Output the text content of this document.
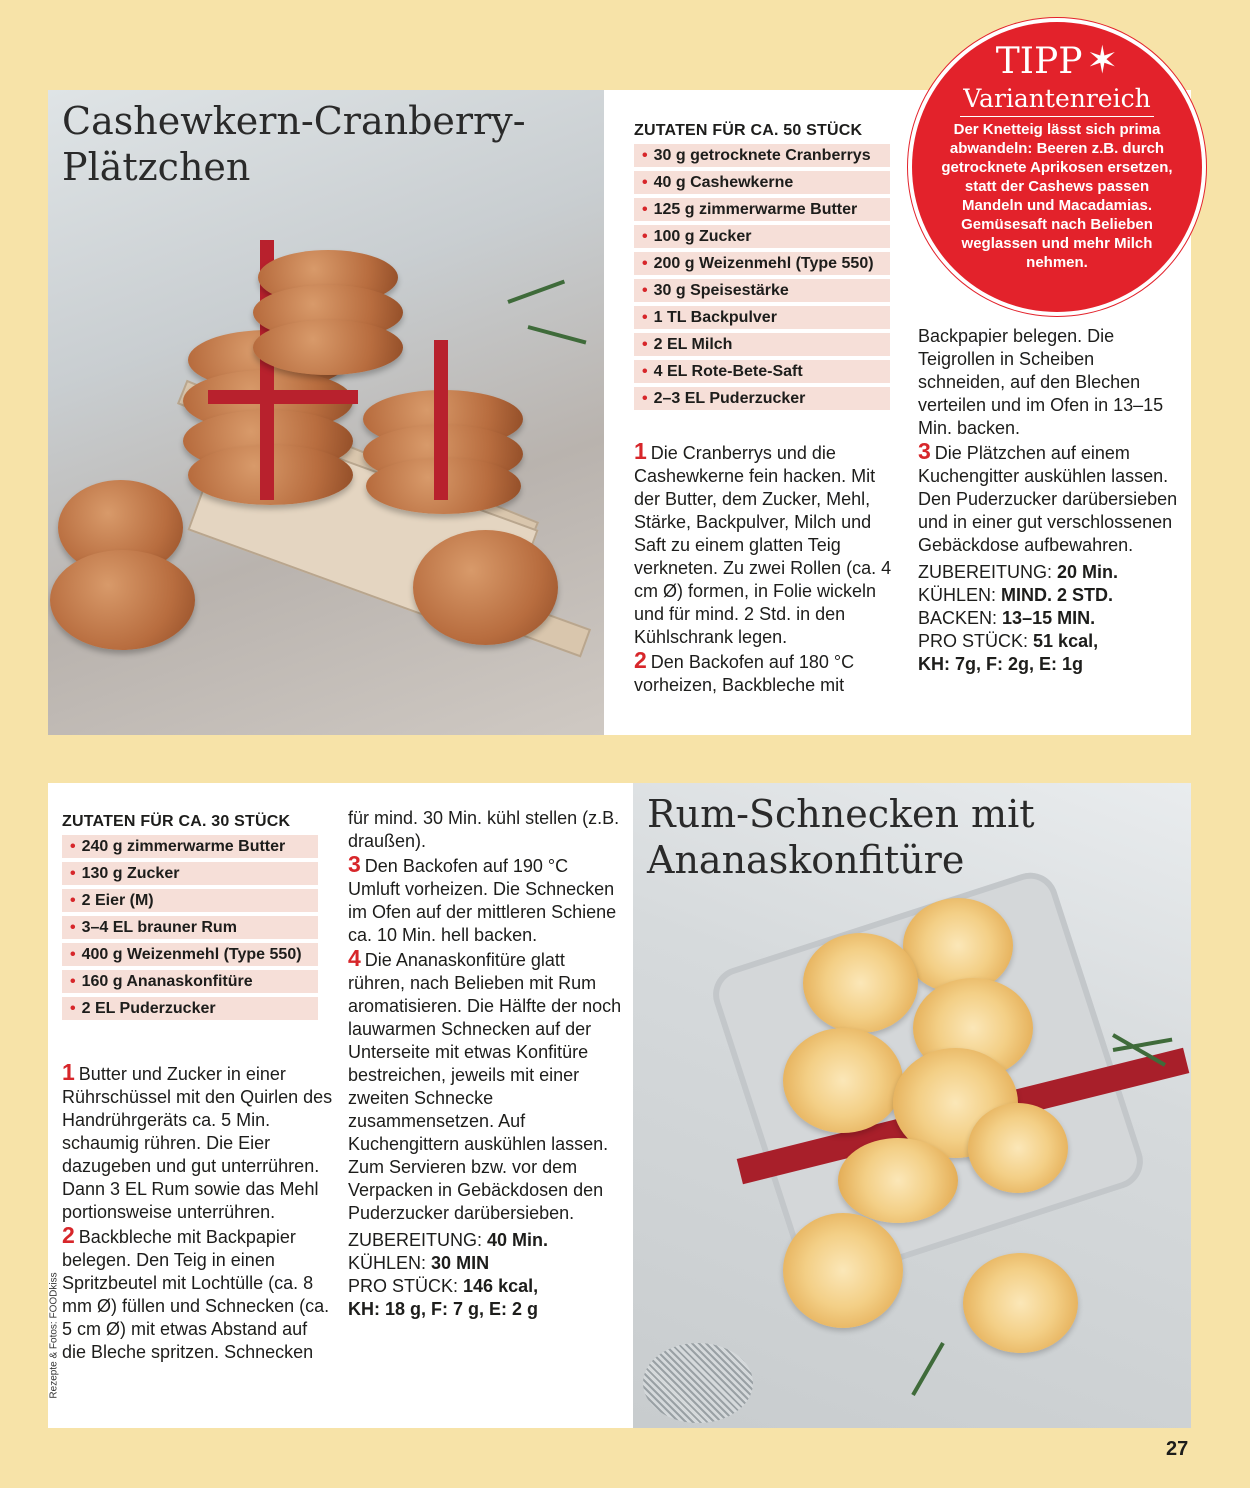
Cashewkern-Cranberry-
Plätzchen
ZUTATEN FÜR CA. 50 STÜCK
• 30 g getrocknete Cranberrys
• 40 g Cashewkerne
• 125 g zimmerwarme Butter
• 100 g Zucker
• 200 g Weizenmehl (Type 550)
• 30 g Speisestärke
• 1 TL Backpulver
• 2 EL Milch
• 4 EL Rote-Bete-Saft
• 2–3 EL Puderzucker

1 Die Cranberrys und die Cashewkerne fein hacken. Mit der Butter, dem Zucker, Mehl, Stärke, Backpulver, Milch und Saft zu einem glatten Teig verkneten. Zu zwei Rollen (ca. 4 cm Ø) formen, in Folie wickeln und für mind. 2 Std. in den Kühlschrank legen.

2 Den Backofen auf 180 °C vorheizen, Backbleche mit

Backpapier belegen. Die Teigrollen in Scheiben schneiden, auf den Blechen verteilen und im Ofen in 13–15 Min. backen.

3 Die Plätzchen auf einem Kuchengitter auskühlen lassen. Den Puderzucker darübersieben und in einer gut verschlossenen Gebäckdose aufbewahren.

ZUBEREITUNG: 20 Min.
KÜHLEN: MIND. 2 STD.
BACKEN: 13–15 MIN.
PRO STÜCK: 51 kcal,
KH: 7g, F: 2g, E: 1g
TIPP ✶
Variantenreich
Der Knetteig lässt sich prima abwandeln: Beeren z.B. durch getrocknete Aprikosen ersetzen, statt der Cashews passen Mandeln und Macadamias. Gemüsesaft nach Belieben weglassen und mehr Milch nehmen.
ZUTATEN FÜR CA. 30 STÜCK
• 240 g zimmerwarme Butter
• 130 g Zucker
• 2 Eier (M)
• 3–4 EL brauner Rum
• 400 g Weizenmehl (Type 550)
• 160 g Ananaskonfitüre
• 2 EL Puderzucker

1 Butter und Zucker in einer Rührschüssel mit den Quirlen des Handrührgeräts ca. 5 Min. schaumig rühren. Die Eier dazugeben und gut unterrühren. Dann 3 EL Rum sowie das Mehl portionsweise unterrühren.

2 Backbleche mit Backpapier belegen. Den Teig in einen Spritzbeutel mit Lochtülle (ca. 8 mm Ø) füllen und Schnecken (ca. 5 cm Ø) mit etwas Abstand auf die Bleche spritzen. Schnecken

für mind. 30 Min. kühl stellen (z.B. draußen).

3 Den Backofen auf 190 °C Umluft vorheizen. Die Schnecken im Ofen auf der mittleren Schiene ca. 10 Min. hell backen.

4 Die Ananaskonfitüre glatt rühren, nach Belieben mit Rum aromatisieren. Die Hälfte der noch lauwarmen Schnecken auf der Unterseite mit etwas Konfitüre bestreichen, jeweils mit einer zweiten Schnecke zusammensetzen. Auf Kuchengittern auskühlen lassen. Zum Servieren bzw. vor dem Verpacken in Gebäckdosen den Puderzucker darübersieben.

ZUBEREITUNG: 40 Min.
KÜHLEN: 30 MIN
PRO STÜCK: 146 kcal,
KH: 18 g, F: 7 g, E: 2 g
Rum-Schnecken mit
Ananaskonfitüre
Rezepte & Fotos: FOODkiss
27
